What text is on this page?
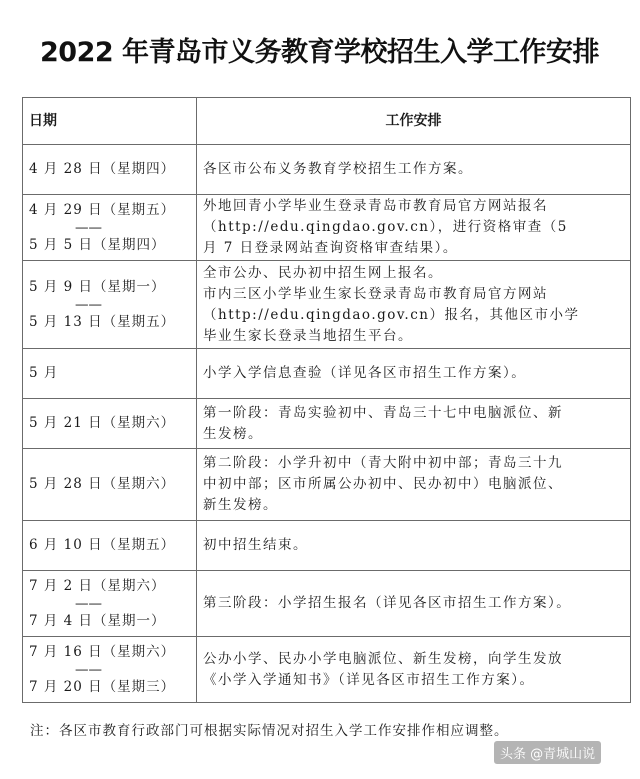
2022 年青岛市义务教育学校招生入学工作安排
日期	工作安排

4 月 28 日（星期四）	各区市公布义务教育学校招生工作方案。

4 月 29 日（星期五）
——
5 月 5 日（星期四）	外地回青小学毕业生登录青岛市教育局官方网站报名
（http://edu.qingdao.gov.cn），进行资格审查（5
月 7 日登录网站查询资格审查结果）。

5 月 9 日（星期一）
——
5 月 13 日（星期五）	全市公办、民办初中招生网上报名。
市内三区小学毕业生家长登录青岛市教育局官方网站
（http://edu.qingdao.gov.cn）报名，其他区市小学
毕业生家长登录当地招生平台。

5 月	小学入学信息查验（详见各区市招生工作方案）。

5 月 21 日（星期六）	第一阶段：青岛实验初中、青岛三十七中电脑派位、新
生发榜。

5 月 28 日（星期六）	第二阶段：小学升初中（青大附中初中部；青岛三十九
中初中部；区市所属公办初中、民办初中）电脑派位、
新生发榜。

6 月 10 日（星期五）	初中招生结束。

7 月 2 日（星期六）
——
7 月 4 日（星期一）	第三阶段：小学招生报名（详见各区市招生工作方案）。

7 月 16 日（星期六）
——
7 月 20 日（星期三）	公办小学、民办小学电脑派位、新生发榜，向学生发放
《小学入学通知书》（详见各区市招生工作方案）。
注：各区市教育行政部门可根据实际情况对招生入学工作安排作相应调整。
头条 @青城山说
